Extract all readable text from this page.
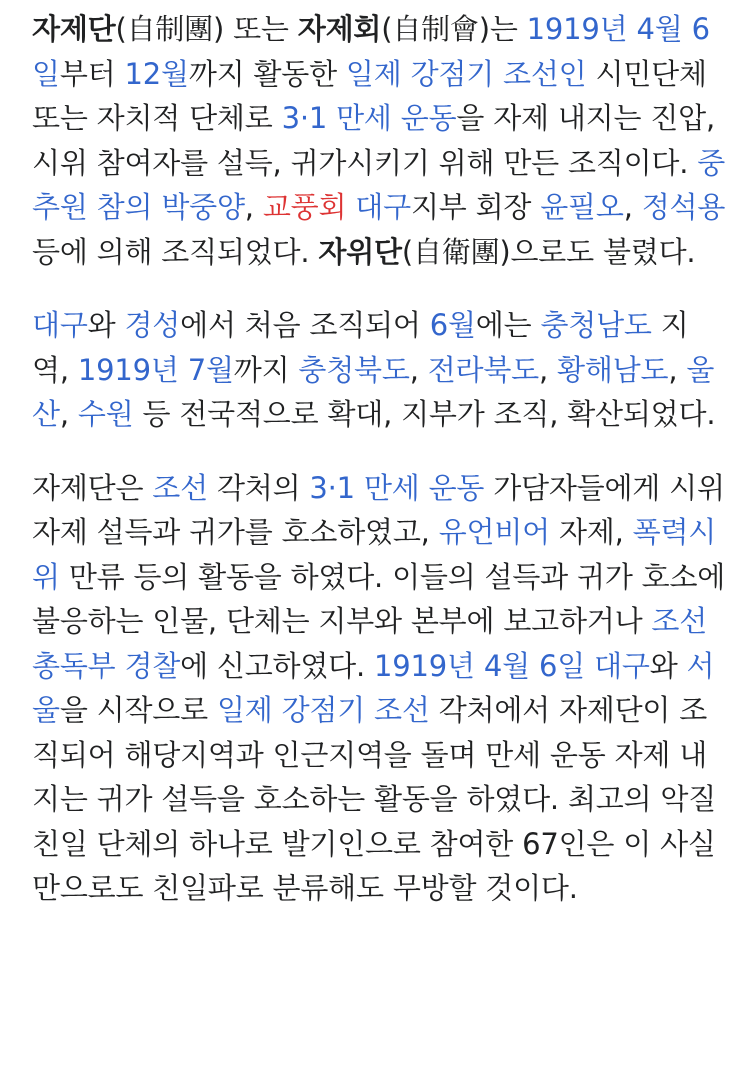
자제단(自制團) 또는 자제회(自制會)는 1919년 4월 6
일부터 12월까지 활동한 일제 강점기 조선인 시민단체
또는 자치적 단체로 3·1 만세 운동을 자제 내지는 진압,
시위 참여자를 설득, 귀가시키기 위해 만든 조직이다. 중
추원 참의 박중양, 교풍회 대구지부 회장 윤필오, 정석용
등에 의해 조직되었다. 자위단(自衛團)으로도 불렸다.
대구와 경성에서 처음 조직되어 6월에는 충청남도 지
역, 1919년 7월까지 충청북도, 전라북도, 황해남도, 울
산, 수원 등 전국적으로 확대, 지부가 조직, 확산되었다.
자제단은 조선 각처의 3·1 만세 운동 가담자들에게 시위
자제 설득과 귀가를 호소하였고, 유언비어 자제, 폭력시
위 만류 등의 활동을 하였다. 이들의 설득과 귀가 호소에
불응하는 인물, 단체는 지부와 본부에 보고하거나 조선
총독부 경찰에 신고하였다. 1919년 4월 6일 대구와 서
울을 시작으로 일제 강점기 조선 각처에서 자제단이 조
직되어 해당지역과 인근지역을 돌며 만세 운동 자제 내
지는 귀가 설득을 호소하는 활동을 하였다. 최고의 악질
친일 단체의 하나로 발기인으로 참여한 67인은 이 사실
만으로도 친일파로 분류해도 무방할 것이다.
